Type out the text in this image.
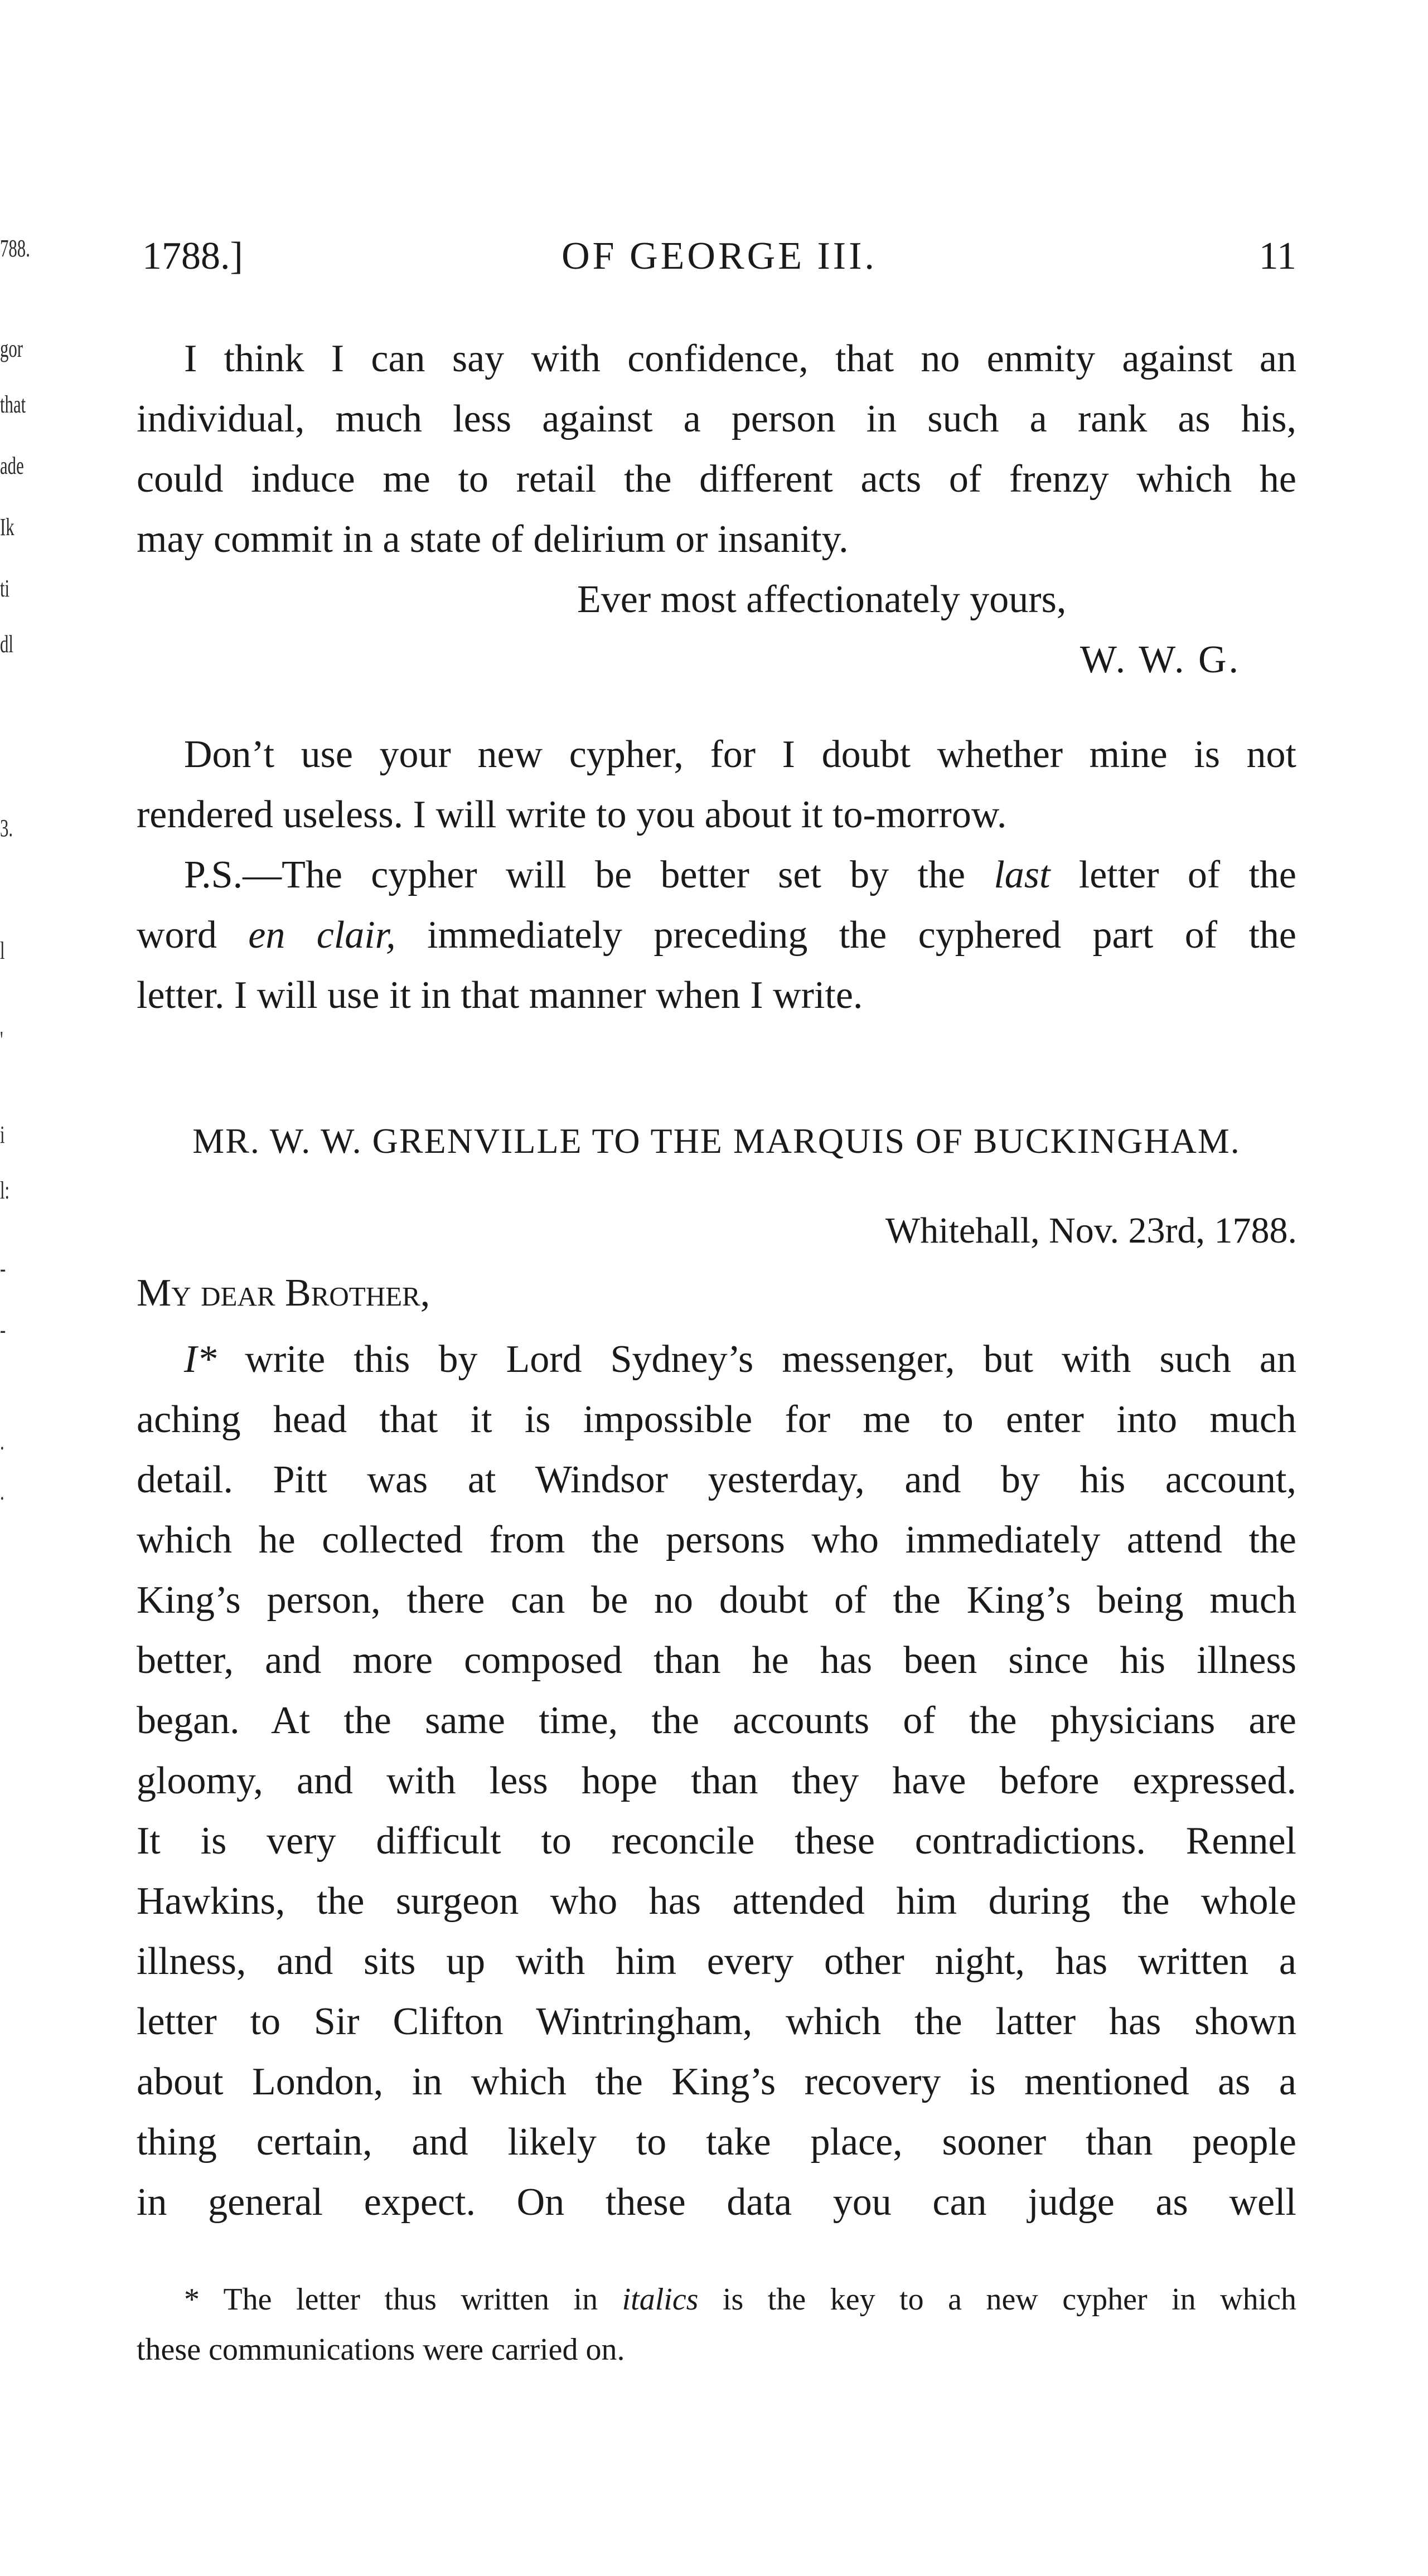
788.
gor
that
ade
Ik
ti
dl
3.
l
'
i
l:
-
-
.
.
1788.]	OF GEORGE III.	11
I think I can say with confidence, that no enmity against an
individual, much less against a person in such a rank as his,
could induce me to retail the different acts of frenzy which he
may commit in a state of delirium or insanity.
Ever most affectionately yours,
W. W. G.
Don’t use your new cypher, for I doubt whether mine is not
rendered useless. I will write to you about it to-morrow.
P.S.—The cypher will be better set by the last letter of the
word en clair, immediately preceding the cyphered part of the
letter. I will use it in that manner when I write.
MR. W. W. GRENVILLE TO THE MARQUIS OF BUCKINGHAM.
Whitehall, Nov. 23rd, 1788.
My dear Brother,
I* write this by Lord Sydney’s messenger, but with such an
aching head that it is impossible for me to enter into much
detail. Pitt was at Windsor yesterday, and by his account,
which he collected from the persons who immediately attend the
King’s person, there can be no doubt of the King’s being much
better, and more composed than he has been since his illness
began. At the same time, the accounts of the physicians are
gloomy, and with less hope than they have before expressed.
It is very difficult to reconcile these contradictions. Rennel
Hawkins, the surgeon who has attended him during the whole
illness, and sits up with him every other night, has written a
letter to Sir Clifton Wintringham, which the latter has shown
about London, in which the King’s recovery is mentioned as a
thing certain, and likely to take place, sooner than people
in general expect. On these data you can judge as well
* The letter thus written in italics is the key to a new cypher in which
these communications were carried on.
